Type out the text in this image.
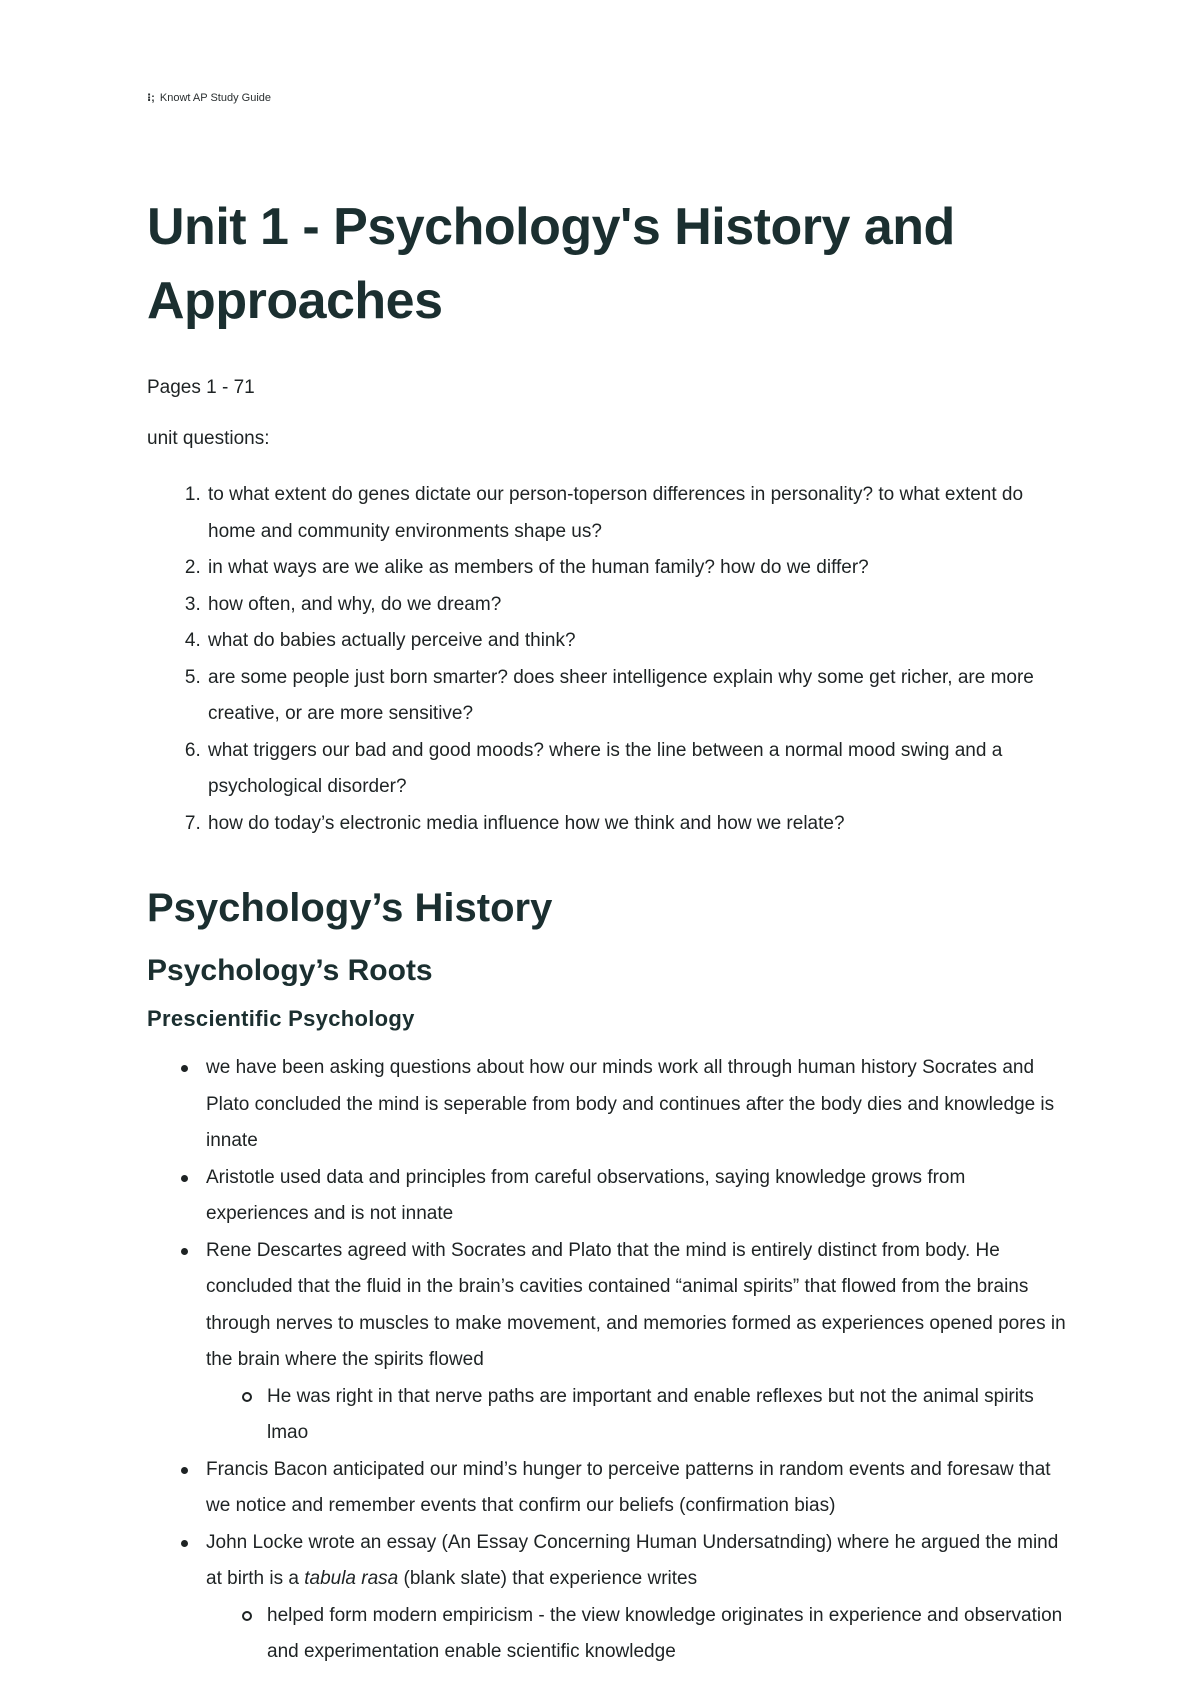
⁝; Knowt AP Study Guide
Unit 1 - Psychology's History and Approaches

Pages 1 - 71

unit questions:

1. to what extent do genes dictate our person-toperson differences in personality? to what extent do home and community environments shape us?
2. in what ways are we alike as members of the human family? how do we differ?
3. how often, and why, do we dream?
4. what do babies actually perceive and think?
5. are some people just born smarter? does sheer intelligence explain why some get richer, are more creative, or are more sensitive?
6. what triggers our bad and good moods? where is the line between a normal mood swing and a psychological disorder?
7. how do today’s electronic media influence how we think and how we relate?
Psychology’s History
Psychology’s Roots
Prescientific Psychology
we have been asking questions about how our minds work all through human history Socrates and Plato concluded the mind is seperable from body and continues after the body dies and knowledge is innate
Aristotle used data and principles from careful observations, saying knowledge grows from experiences and is not innate
Rene Descartes agreed with Socrates and Plato that the mind is entirely distinct from body. He concluded that the fluid in the brain’s cavities contained “animal spirits” that flowed from the brains through nerves to muscles to make movement, and memories formed as experiences opened pores in the brain where the spirits flowed
He was right in that nerve paths are important and enable reflexes but not the animal spirits lmao
Francis Bacon anticipated our mind’s hunger to perceive patterns in random events and foresaw that we notice and remember events that confirm our beliefs (confirmation bias)
John Locke wrote an essay (An Essay Concerning Human Undersatnding) where he argued the mind at birth is a tabula rasa (blank slate) that experience writes
helped form modern empiricism - the view knowledge originates in experience and observation and experimentation enable scientific knowledge
